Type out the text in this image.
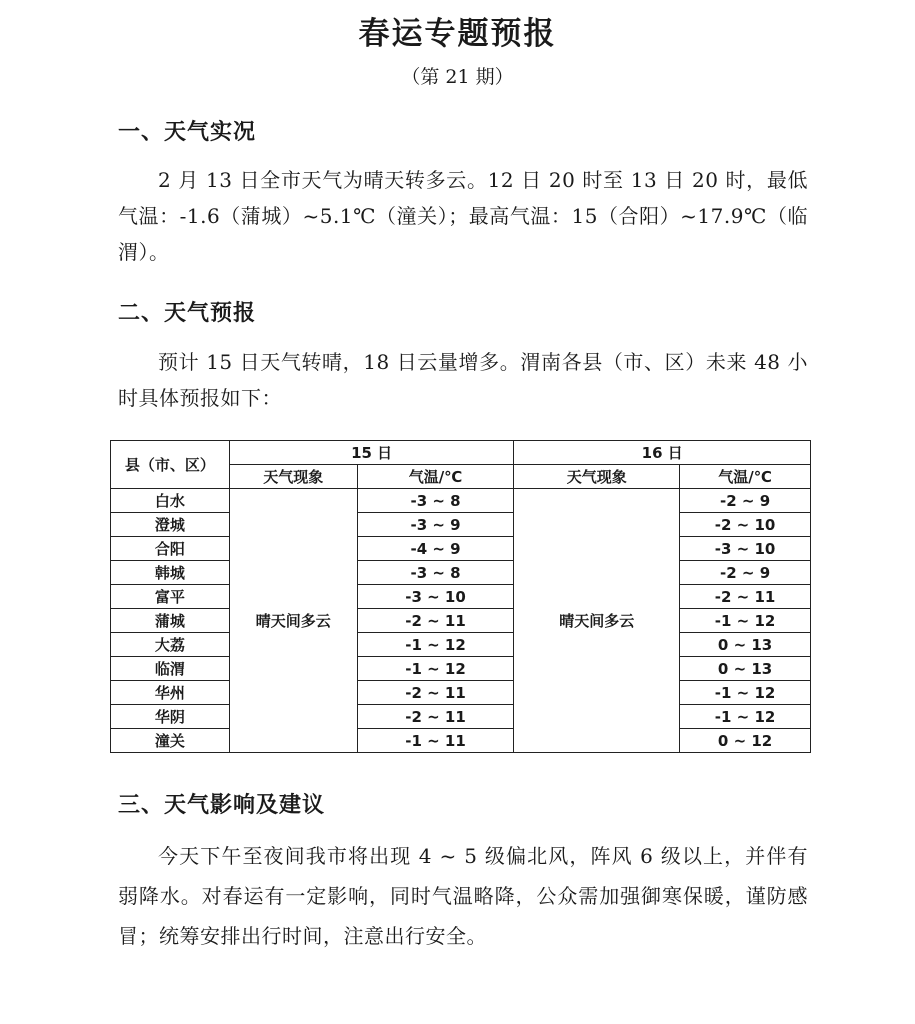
春运专题预报
（第 21 期）
一、天气实况
2 月 13 日全市天气为晴天转多云。12 日 20 时至 13 日 20 时，最低气温：-1.6（蒲城）~5.1℃（潼关）；最高气温：15（合阳）~17.9℃（临渭）。
二、天气预报
预计 15 日天气转晴，18 日云量增多。渭南各县（市、区）未来 48 小时具体预报如下：
县（市、区）	15 日		16 日	
	天气现象	气温/℃	天气现象	气温/℃
白水	晴天间多云	-3 ~ 8	晴天间多云	-2 ~ 9
澄城		-3 ~ 9		-2 ~ 10
合阳		-4 ~ 9		-3 ~ 10
韩城		-3 ~ 8		-2 ~ 9
富平		-3 ~ 10		-2 ~ 11
蒲城		-2 ~ 11		-1 ~ 12
大荔		-1 ~ 12		0 ~ 13
临渭		-1 ~ 12		0 ~ 13
华州		-2 ~ 11		-1 ~ 12
华阴		-2 ~ 11		-1 ~ 12
潼关		-1 ~ 11		0 ~ 12
三、天气影响及建议
今天下午至夜间我市将出现 4 ~ 5 级偏北风，阵风 6 级以上，并伴有弱降水。对春运有一定影响，同时气温略降，公众需加强御寒保暖，谨防感冒；统筹安排出行时间，注意出行安全。
